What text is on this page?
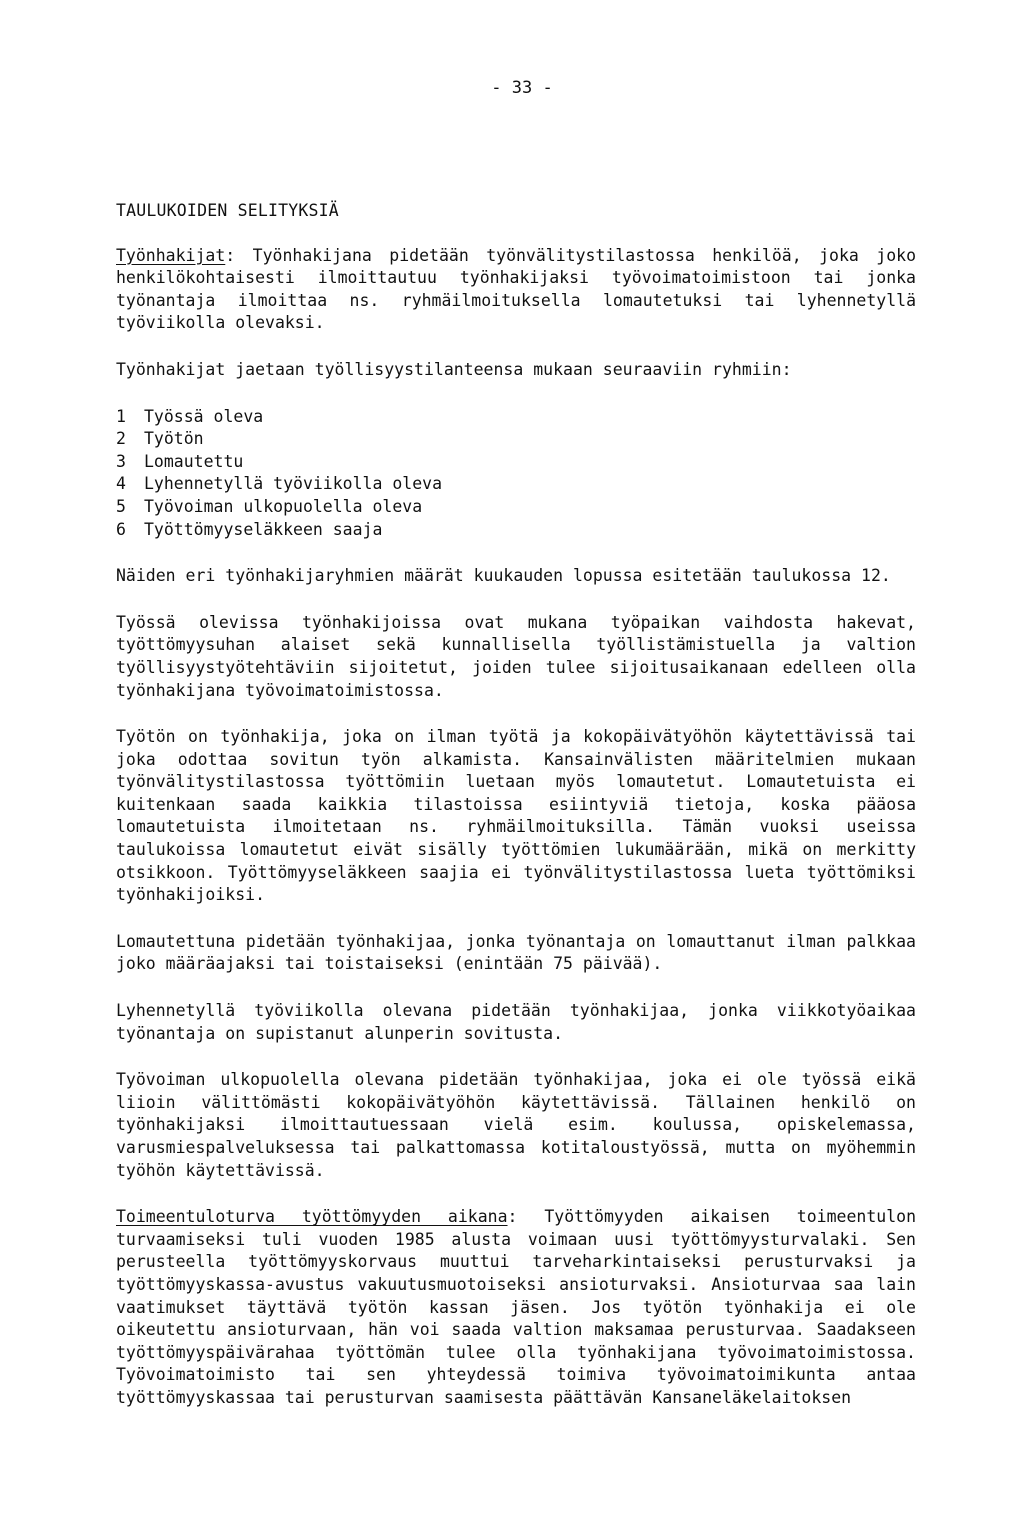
- 33 -
TAULUKOIDEN SELITYKSIÄ

Työnhakijat: Työnhakijana pidetään työnvälitystilastossa henkilöä, joka joko henkilökohtaisesti ilmoittautuu työnhakijaksi työvoimatoimistoon tai jonka työnantaja ilmoittaa ns. ryhmäilmoituksella lomautetuksi tai lyhennetyllä työviikolla olevaksi.

Työnhakijat jaetaan työllisyystilanteensa mukaan seuraaviin ryhmiin:

1	Työssä oleva
2	Työtön
3	Lomautettu
4	Lyhennetyllä työviikolla oleva
5	Työvoiman ulkopuolella oleva
6	Työttömyyseläkkeen saaja

Näiden eri työnhakijaryhmien määrät kuukauden lopussa esitetään taulukossa 12.

Työssä olevissa työnhakijoissa ovat mukana työpaikan vaihdosta hakevat, työttömyysuhan alaiset sekä kunnallisella työllistämistuella ja valtion työllisyystyötehtäviin sijoitetut, joiden tulee sijoitusaikanaan edelleen olla työnhakijana työvoimatoimistossa.

Työtön on työnhakija, joka on ilman työtä ja kokopäivätyöhön käytettävissä tai joka odottaa sovitun työn alkamista. Kansainvälisten määritelmien mukaan työnvälitystilastossa työttömiin luetaan myös lomautetut. Lomautetuista ei kuitenkaan saada kaikkia tilastoissa esiintyviä tietoja, koska pääosa lomautetuista ilmoitetaan ns. ryhmäilmoituksilla. Tämän vuoksi useissa taulukoissa lomautetut eivät sisälly työttömien lukumäärään, mikä on merkitty otsikkoon. Työttömyyseläkkeen saajia ei työnvälitystilastossa lueta työttömiksi työnhakijoiksi.

Lomautettuna pidetään työnhakijaa, jonka työnantaja on lomauttanut ilman palkkaa joko määräajaksi tai toistaiseksi (enintään 75 päivää).

Lyhennetyllä työviikolla olevana pidetään työnhakijaa, jonka viikkotyöaikaa työnantaja on supistanut alunperin sovitusta.

Työvoiman ulkopuolella olevana pidetään työnhakijaa, joka ei ole työssä eikä liioin välittömästi kokopäivätyöhön käytettävissä. Tällainen henkilö on työnhakijaksi ilmoittautuessaan vielä esim. koulussa, opiskelemassa, varusmiespalveluksessa tai palkattomassa kotitaloustyössä, mutta on myöhemmin työhön käytettävissä.

Toimeentuloturva työttömyyden aikana: Työttömyyden aikaisen toimeentulon turvaamiseksi tuli vuoden 1985 alusta voimaan uusi työttömyysturvalaki. Sen perusteella työttömyyskorvaus muuttui tarveharkintaiseksi perusturvaksi ja työttömyyskassa-avustus vakuutusmuotoiseksi ansioturvaksi. Ansioturvaa saa lain vaatimukset täyttävä työtön kassan jäsen. Jos työtön työnhakija ei ole oikeutettu ansioturvaan, hän voi saada valtion maksamaa perusturvaa. Saadakseen työttömyyspäivärahaa työttömän tulee olla työnhakijana työvoimatoimistossa. Työvoimatoimisto tai sen yhteydessä toimiva työvoimatoimikunta antaa työttömyyskassaa tai perusturvan saamisesta päättävän Kansaneläkelaitoksen
